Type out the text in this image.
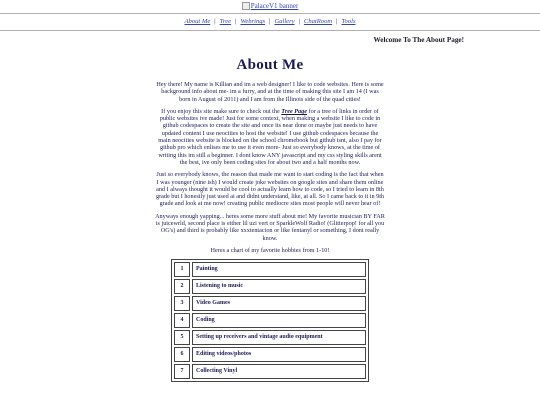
PalaceV1 banner
About Me | Tree | Webrings | Gallery | ChatRoom | Tools
Welcome To The About Page!
About Me

Hey there! My name is Killian and im a web designer! I like to code websites. Here is some background info about me- im a furry, and at the time of making this site I am 14 (I was born in August of 2011) and I am from the Illinois side of the quad cities!

If you enjoy this site make sure to check out the Tree Page for a tree of links in order of public websites ive made! Just for some context, when making a website I like to code in github codespaces to create the site and once its near done or maybe just needs to have updated content I use neocities to host the website! I use github codespaces because the main neocities website is blocked on the school chromebook but github isnt, also I pay for github pro which enlises me to use it even more- Just so everybody knows, at the time of writing this im still a beginner. I dont know ANY javascript and my css styling skills arent the best, ive only been coding sites for about two and a half months now.

Just so everybody knows, the reason that made me want to start coding is the fact that when I was younger (nine ish) I would create joke websites on google sites and share them online and I always thought it would be cool to actually learn how to code, so I tried to learn in 8th grade but I honestly just used ai and didnt understand, like, at all. So I came back to it in 9th grade and look at me now! creating public mediocre sites most people will never hear of!

Anyways enough yapping... heres some more stuff about me! My favorite musician BY FAR is juicewrld, second place is either lil uzi vert or SparkleWolf Radio! (Glitterpop! for all you OG's) and third is probably like xxxtentacion or like fentanyl or something, I dont really know.

Heres a chart of my favorite hobbies from 1-10!

1	Painting
2	Listening to music
3	Video Games
4	Coding
5	Setting up receivers and vintage audio equipment
6	Editing videos/photos
7	Collecting Vinyl
